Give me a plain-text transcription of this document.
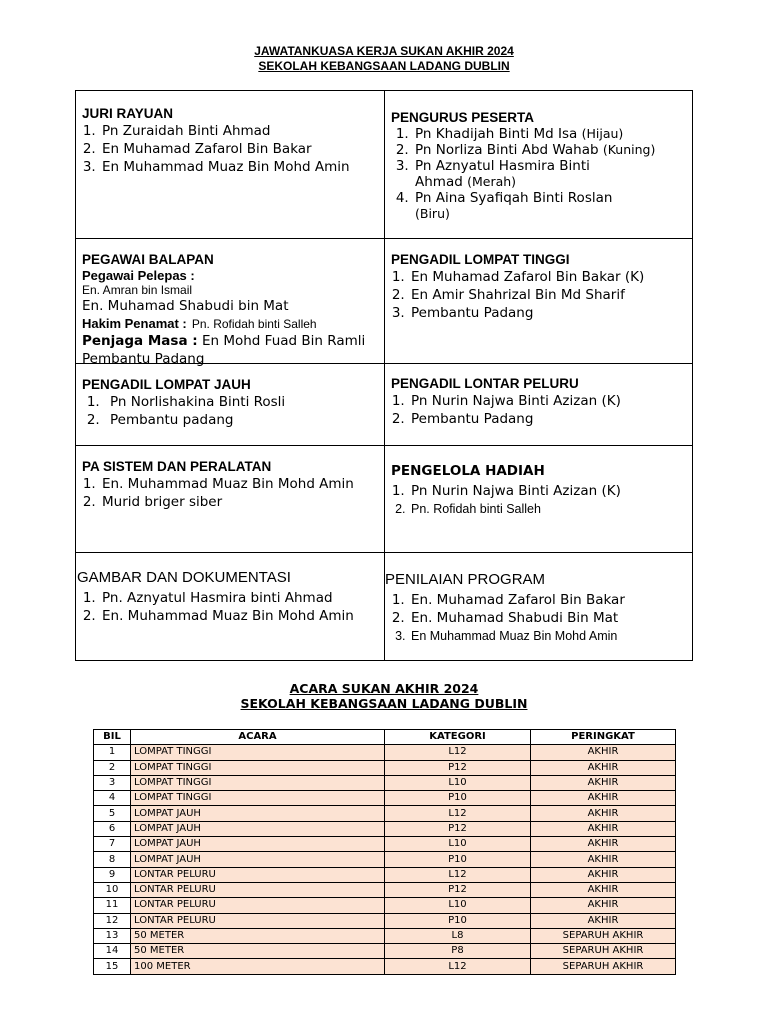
JAWATANKUASA KERJA SUKAN AKHIR 2024
SEKOLAH KEBANGSAAN LADANG DUBLIN
JURI RAYUAN
1. Pn Zuraidah Binti Ahmad
2. En Muhamad Zafarol Bin Bakar
3. En Muhammad Muaz Bin Mohd Amin
PENGURUS PESERTA
1. Pn Khadijah Binti Md Isa (Hijau)
2. Pn Norliza Binti Abd Wahab (Kuning)
3. Pn Aznyatul Hasmira Binti Ahmad (Merah)
4. Pn Aina Syafiqah Binti Roslan (Biru)
PEGAWAI BALAPAN
Pegawai Pelepas :
En. Amran bin Ismail
En. Muhamad Shabudi bin Mat
Hakim Penamat : Pn. Rofidah binti Salleh
Penjaga Masa : En Mohd Fuad Bin Ramli
Pembantu Padang
PENGADIL LOMPAT TINGGI
1. En Muhamad Zafarol Bin Bakar (K)
2. En Amir Shahrizal Bin Md Sharif
3. Pembantu Padang
PENGADIL LOMPAT JAUH
1. Pn Norlishakina Binti Rosli
2. Pembantu padang
PENGADIL LONTAR PELURU
1. Pn Nurin Najwa Binti Azizan (K)
2. Pembantu Padang
PA SISTEM DAN PERALATAN
1. En. Muhammad Muaz Bin Mohd Amin
2. Murid briger siber
PENGELOLA HADIAH
1. Pn Nurin Najwa Binti Azizan (K)
2. Pn. Rofidah binti Salleh
GAMBAR DAN DOKUMENTASI
1. Pn. Aznyatul Hasmira binti Ahmad
2. En. Muhammad Muaz Bin Mohd Amin
PENILAIAN PROGRAM
1. En. Muhamad Zafarol Bin Bakar
2. En. Muhamad Shabudi Bin Mat
3. En Muhammad Muaz Bin Mohd Amin
ACARA SUKAN AKHIR 2024
SEKOLAH KEBANGSAAN LADANG DUBLIN
BIL	ACARA	KATEGORI	PERINGKAT
1	LOMPAT TINGGI	L12	AKHIR
2	LOMPAT TINGGI	P12	AKHIR
3	LOMPAT TINGGI	L10	AKHIR
4	LOMPAT TINGGI	P10	AKHIR
5	LOMPAT JAUH	L12	AKHIR
6	LOMPAT JAUH	P12	AKHIR
7	LOMPAT JAUH	L10	AKHIR
8	LOMPAT JAUH	P10	AKHIR
9	LONTAR PELURU	L12	AKHIR
10	LONTAR PELURU	P12	AKHIR
11	LONTAR PELURU	L10	AKHIR
12	LONTAR PELURU	P10	AKHIR
13	50 METER	L8	SEPARUH AKHIR
14	50 METER	P8	SEPARUH AKHIR
15	100 METER	L12	SEPARUH AKHIR
